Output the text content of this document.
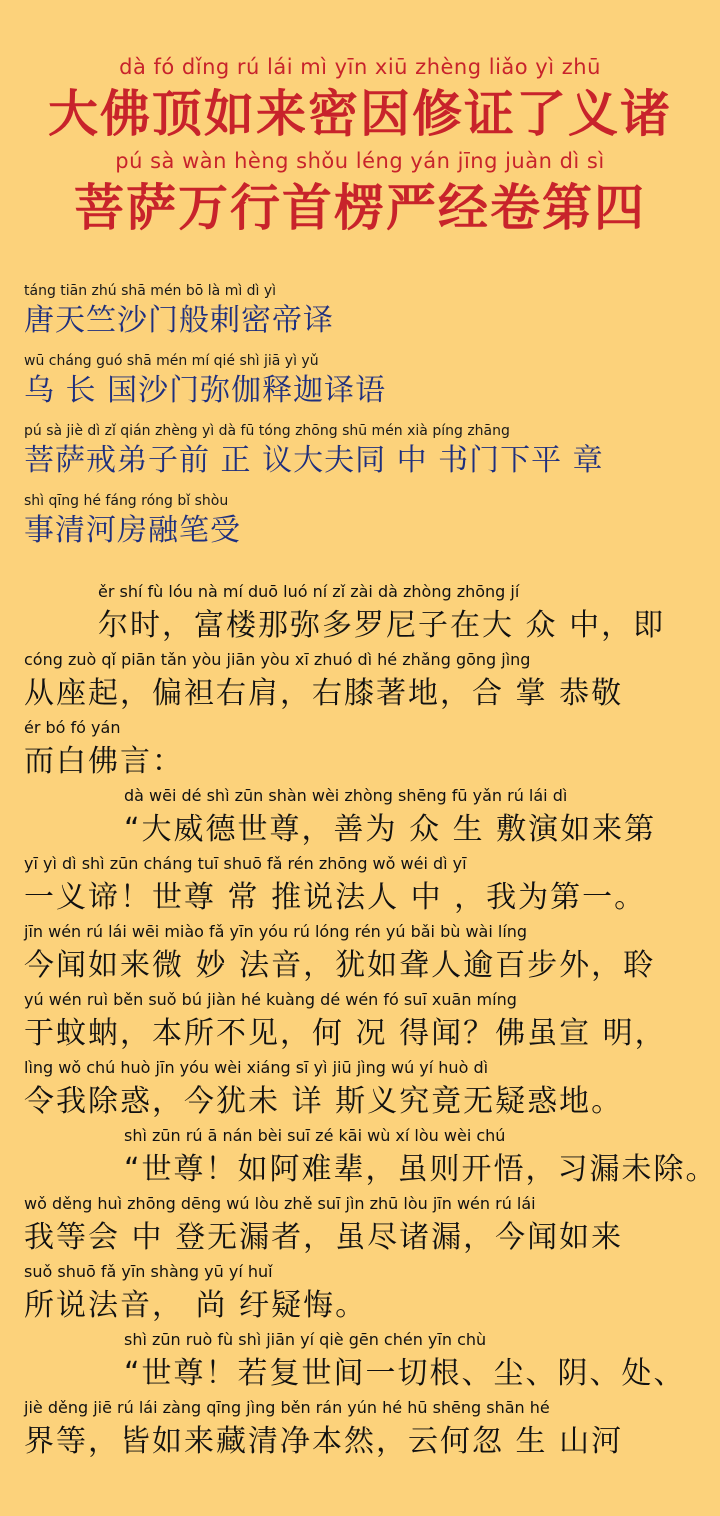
dà fó dǐng rú lái mì yīn xiū zhèng liǎo yì zhū
大佛顶如来密因修证了义诸
pú sà wàn hèng shǒu léng yán jīng juàn dì sì
菩萨万行首楞严经卷第四
táng tiān zhú shā mén bō là mì dì yì
唐天竺沙门般剌密帝译
wū cháng guó shā mén mí qié shì jiā yì yǔ
乌 长 国沙门弥伽释迦译语
pú sà jiè dì zǐ qián zhèng yì dà fū tóng zhōng shū mén xià píng zhāng
菩萨戒弟子前 正 议大夫同 中 书门下平 章
shì qīng hé fáng róng bǐ shòu
事清河房融笔受
ěr shí fù lóu nà mí duō luó ní zǐ zài dà zhòng zhōng jí
尔时，富楼那弥多罗尼子在大 众 中，即
cóng zuò qǐ piān tǎn yòu jiān yòu xī zhuó dì hé zhǎng gōng jìng
从座起，偏袒右肩，右膝著地，合 掌 恭敬
ér bó fó yán
而白佛言：
dà wēi dé shì zūn shàn wèi zhòng shēng fū yǎn rú lái dì
“大威德世尊，善为 众 生 敷演如来第
yī yì dì shì zūn cháng tuī shuō fǎ rén zhōng wǒ wéi dì yī
一义谛！世尊 常 推说法人 中 ，我为第一。
jīn wén rú lái wēi miào fǎ yīn yóu rú lóng rén yú bǎi bù wài líng
今闻如来微 妙 法音，犹如聋人逾百步外，聆
yú wén ruì běn suǒ bú jiàn hé kuàng dé wén fó suī xuān míng
于蚊蚋，本所不见，何 况 得闻？佛虽宣 明，
lìng wǒ chú huò jīn yóu wèi xiáng sī yì jiū jìng wú yí huò dì
令我除惑，今犹未 详 斯义究竟无疑惑地。
shì zūn rú ā nán bèi suī zé kāi wù xí lòu wèi chú
“世尊！如阿难辈，虽则开悟，习漏未除。
wǒ děng huì zhōng dēng wú lòu zhě suī jìn zhū lòu jīn wén rú lái
我等会 中 登无漏者，虽尽诸漏，今闻如来
suǒ shuō fǎ yīn shàng yū yí huǐ
所说法音， 尚 纡疑悔。
shì zūn ruò fù shì jiān yí qiè gēn chén yīn chù
“世尊！若复世间一切根、尘、阴、处、
jiè děng jiē rú lái zàng qīng jìng běn rán yún hé hū shēng shān hé
界等，皆如来藏清净本然，云何忽 生 山河
